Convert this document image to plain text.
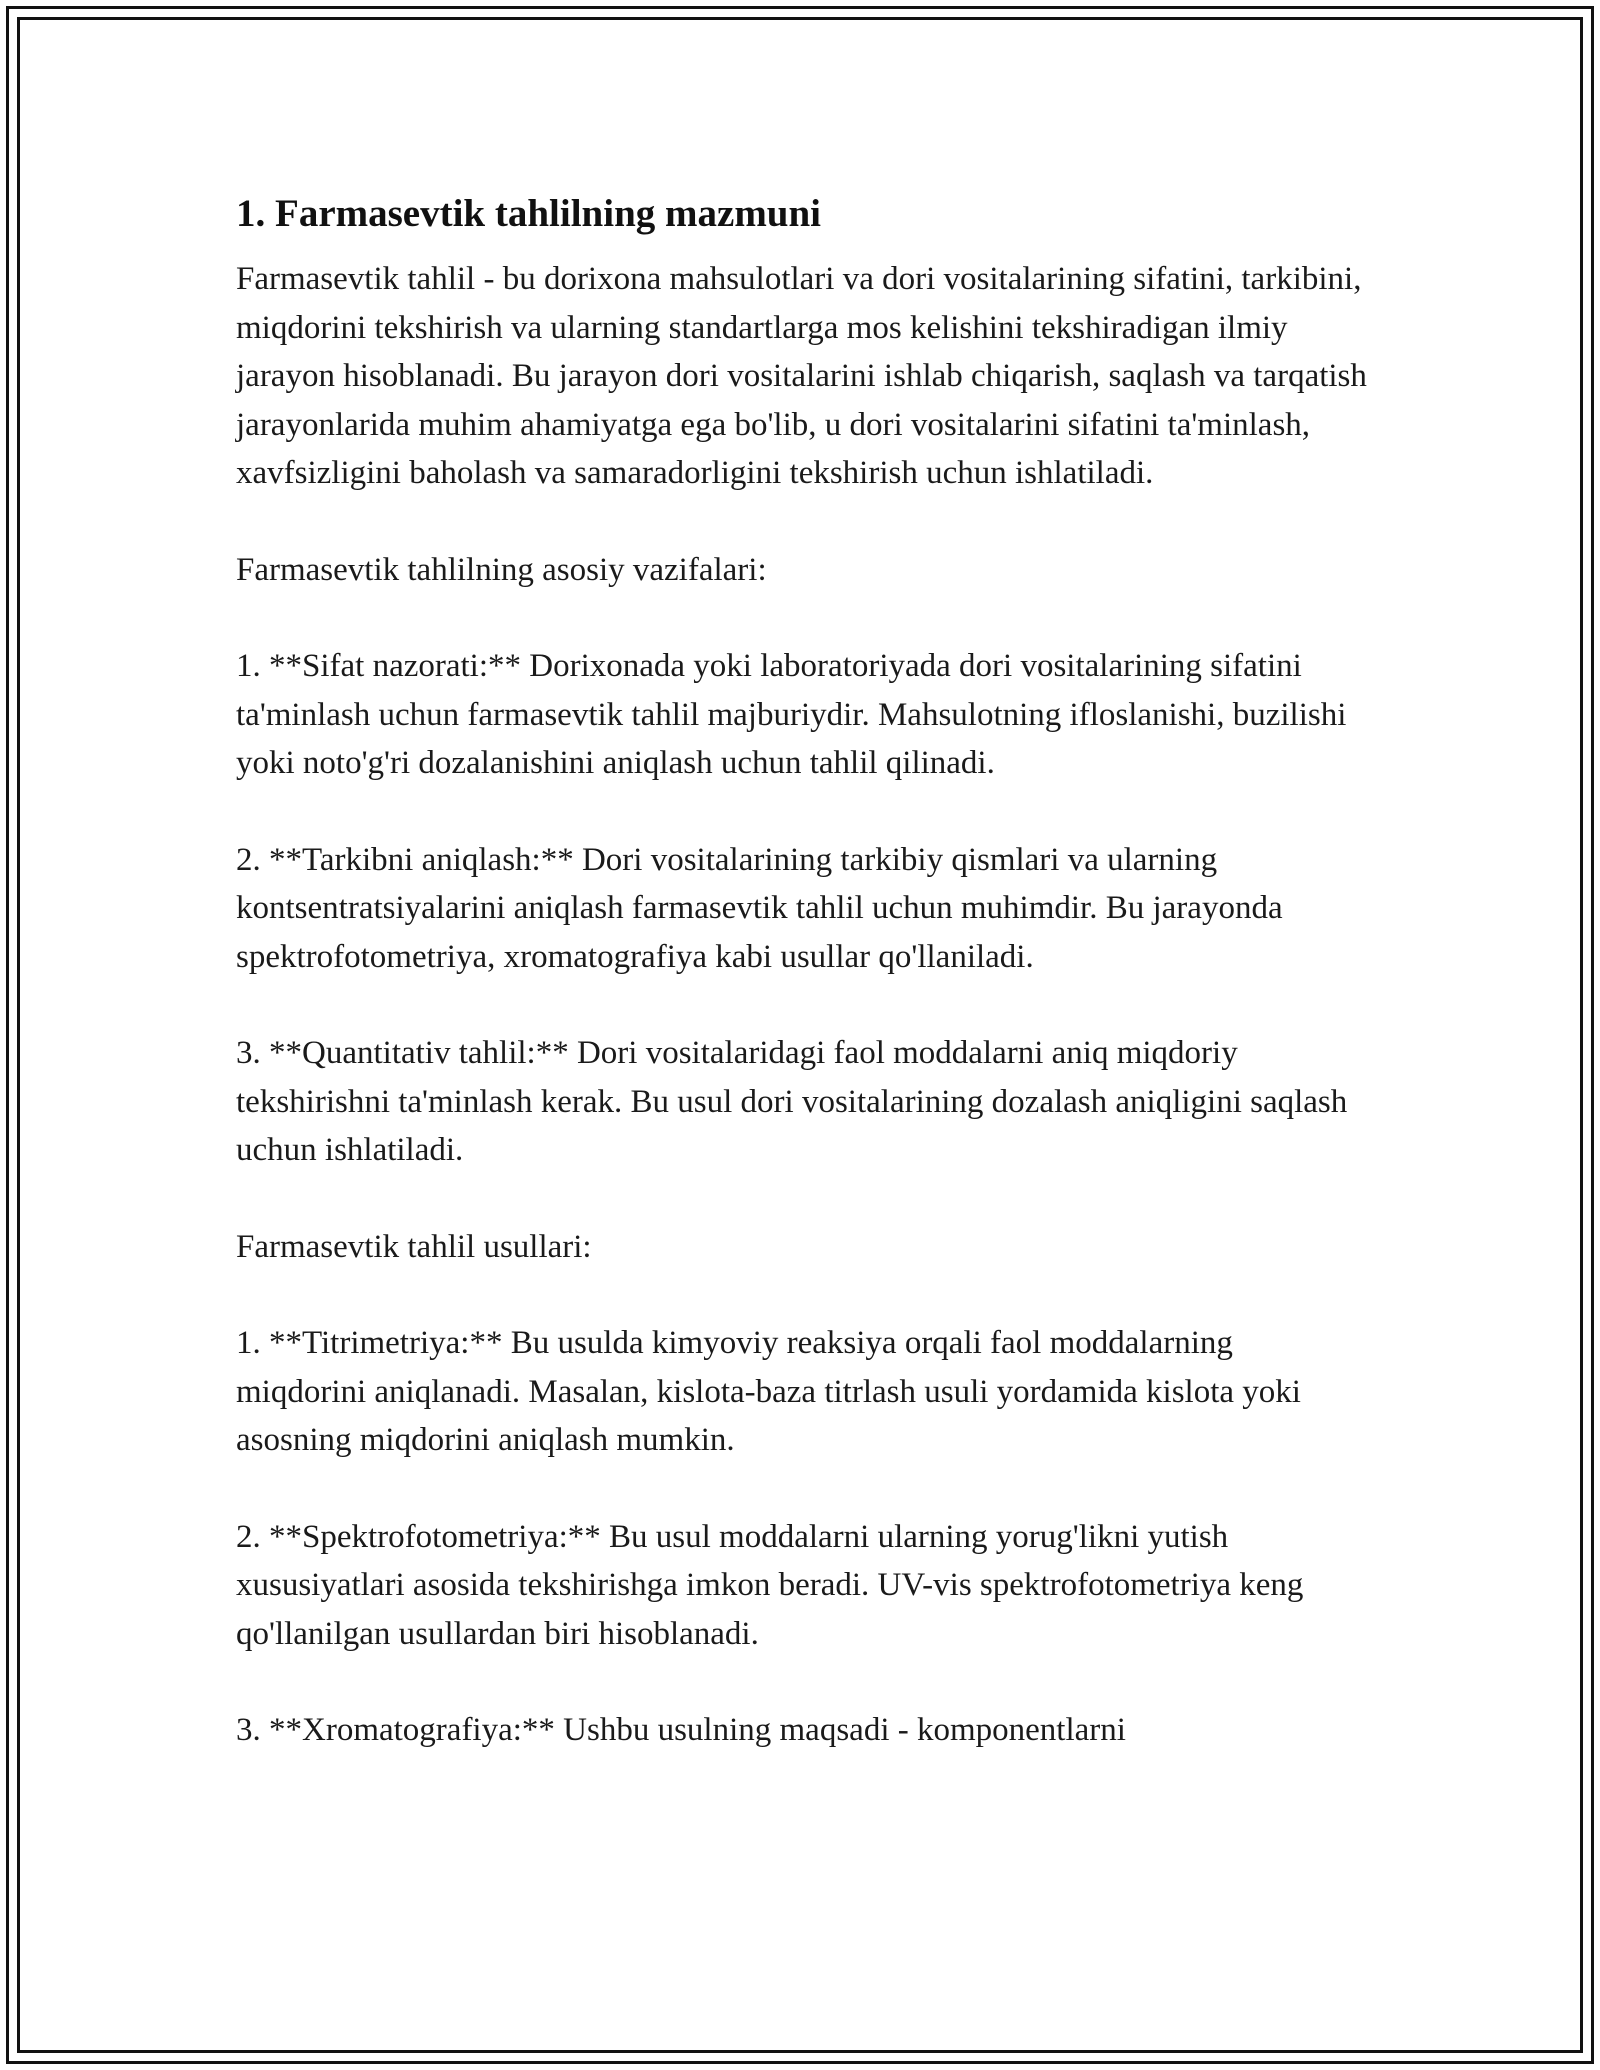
1. Farmasevtik tahlilning mazmuni

Farmasevtik tahlil - bu dorixona mahsulotlari va dori vositalarining sifatini, tarkibini, miqdorini tekshirish va ularning standartlarga mos kelishini tekshiradigan ilmiy jarayon hisoblanadi. Bu jarayon dori vositalarini ishlab chiqarish, saqlash va tarqatish jarayonlarida muhim ahamiyatga ega bo'lib, u dori vositalarini sifatini ta'minlash, xavfsizligini baholash va samaradorligini tekshirish uchun ishlatiladi.

Farmasevtik tahlilning asosiy vazifalari:

1. **Sifat nazorati:** Dorixonada yoki laboratoriyada dori vositalarining sifatini ta'minlash uchun farmasevtik tahlil majburiydir. Mahsulotning ifloslanishi, buzilishi yoki noto'g'ri dozalanishini aniqlash uchun tahlil qilinadi.

2. **Tarkibni aniqlash:** Dori vositalarining tarkibiy qismlari va ularning kontsentratsiyalarini aniqlash farmasevtik tahlil uchun muhimdir. Bu jarayonda spektrofotometriya, xromatografiya kabi usullar qo'llaniladi.

3. **Quantitativ tahlil:** Dori vositalaridagi faol moddalarni aniq miqdoriy tekshirishni ta'minlash kerak. Bu usul dori vositalarining dozalash aniqligini saqlash uchun ishlatiladi.

Farmasevtik tahlil usullari:

1. **Titrimetriya:** Bu usulda kimyoviy reaksiya orqali faol moddalarning miqdorini aniqlanadi. Masalan, kislota-baza titrlash usuli yordamida kislota yoki asosning miqdorini aniqlash mumkin.

2. **Spektrofotometriya:** Bu usul moddalarni ularning yorug'likni yutish xususiyatlari asosida tekshirishga imkon beradi. UV-vis spektrofotometriya keng qo'llanilgan usullardan biri hisoblanadi.

3. **Xromatografiya:** Ushbu usulning maqsadi - komponentlarni
